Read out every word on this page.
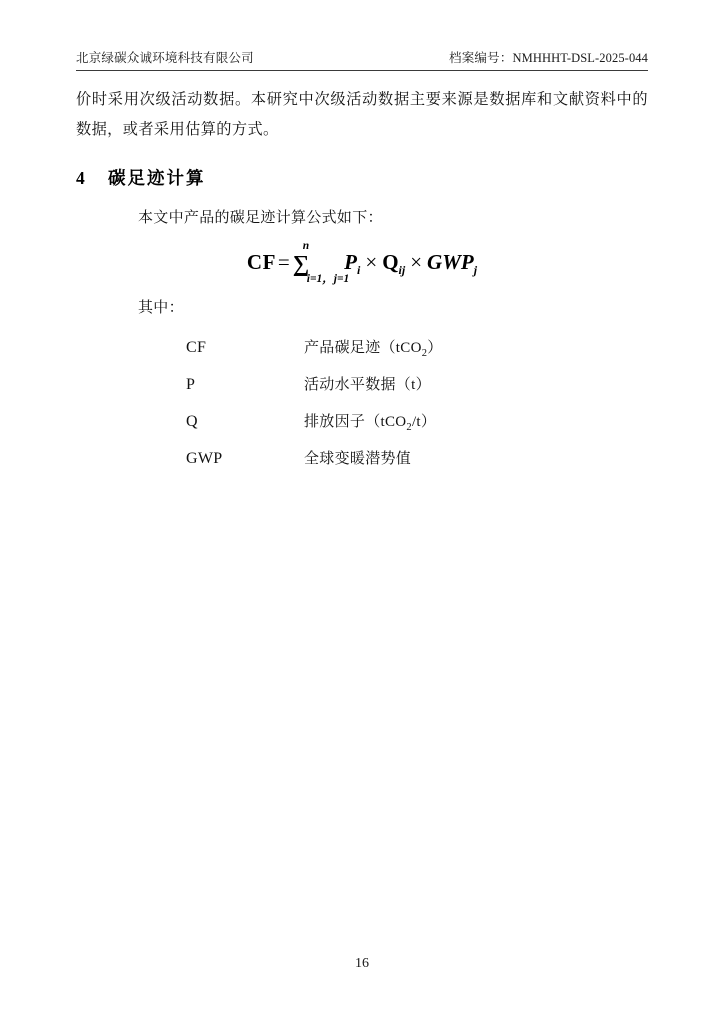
北京绿碳众诚环境科技有限公司	档案编号：NMHHHT-DSL-2025-044
价时采用次级活动数据。本研究中次级活动数据主要来源是数据库和文献资料中的数据，或者采用估算的方式。
4	碳足迹计算
本文中产品的碳足迹计算公式如下：
CF= ∑
n
i=1，j=1
$P_i \times Q_{ij} \times GWP_j$
其中：
CF	产品碳足迹（tCO$_2$）
P	活动水平数据（t）
Q	排放因子（tCO$_2$/t）
GWP	全球变暖潜势值
16
